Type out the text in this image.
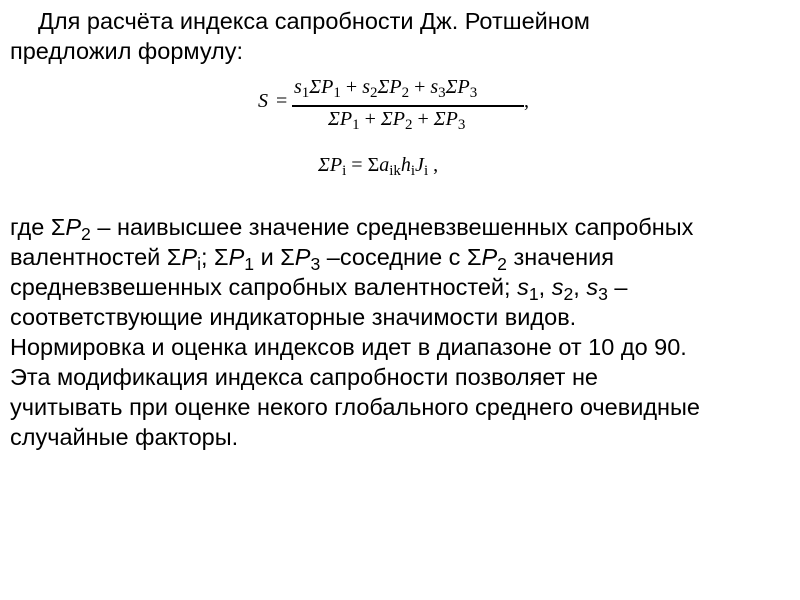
Для расчёта индекса сапробности Дж. Ротшейном
предложил формулу:
S =
$s_1\Sigma P_1 + s_2\Sigma P_2 + s_3\Sigma P_3$
$\Sigma P_1 + \Sigma P_2 + \Sigma P_3$
,
$\Sigma P_i = \Sigma a_{ik}h_iJ_i$ ,

где $\Sigma P_2$ – наивысшее значение средневзвешенных сапробных

валентностей $\Sigma P_i$; $\Sigma P_1$ и $\Sigma P_3$ –соседние с $\Sigma P_2$ значения

средневзвешенных сапробных валентностей; $s_1$, $s_2$, $s_3$ –

соответствующие индикаторные значимости видов.

Нормировка и оценка индексов идет в диапазоне от 10 до 90.

Эта модификация индекса сапробности позволяет не

учитывать при оценке некого глобального среднего очевидные

случайные факторы.
